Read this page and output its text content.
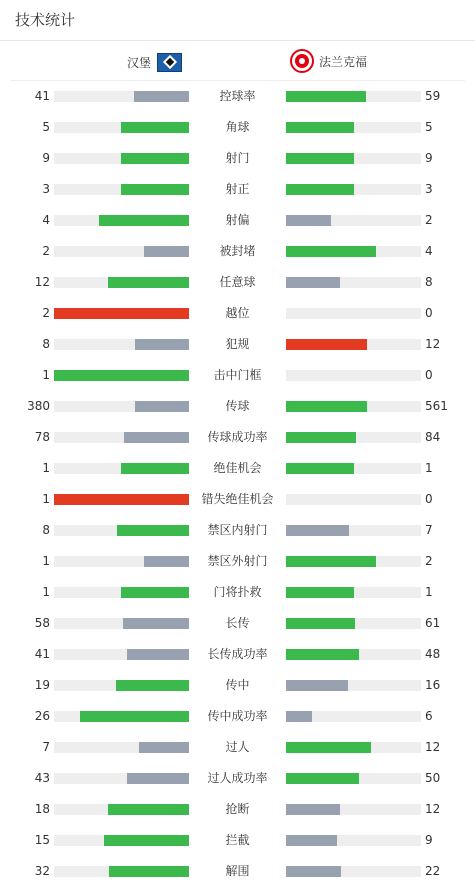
技术统计
汉堡	法兰克福
41	控球率	59
5	角球	5
9	射门	9
3	射正	3
4	射偏	2
2	被封堵	4
12	任意球	8
2	越位	0
8	犯规	12
1	击中门框	0
380	传球	561
78	传球成功率	84
1	绝佳机会	1
1	错失绝佳机会	0
8	禁区内射门	7
1	禁区外射门	2
1	门将扑救	1
58	长传	61
41	长传成功率	48
19	传中	16
26	传中成功率	6
7	过人	12
43	过人成功率	50
18	抢断	12
15	拦截	9
32	解围	22
